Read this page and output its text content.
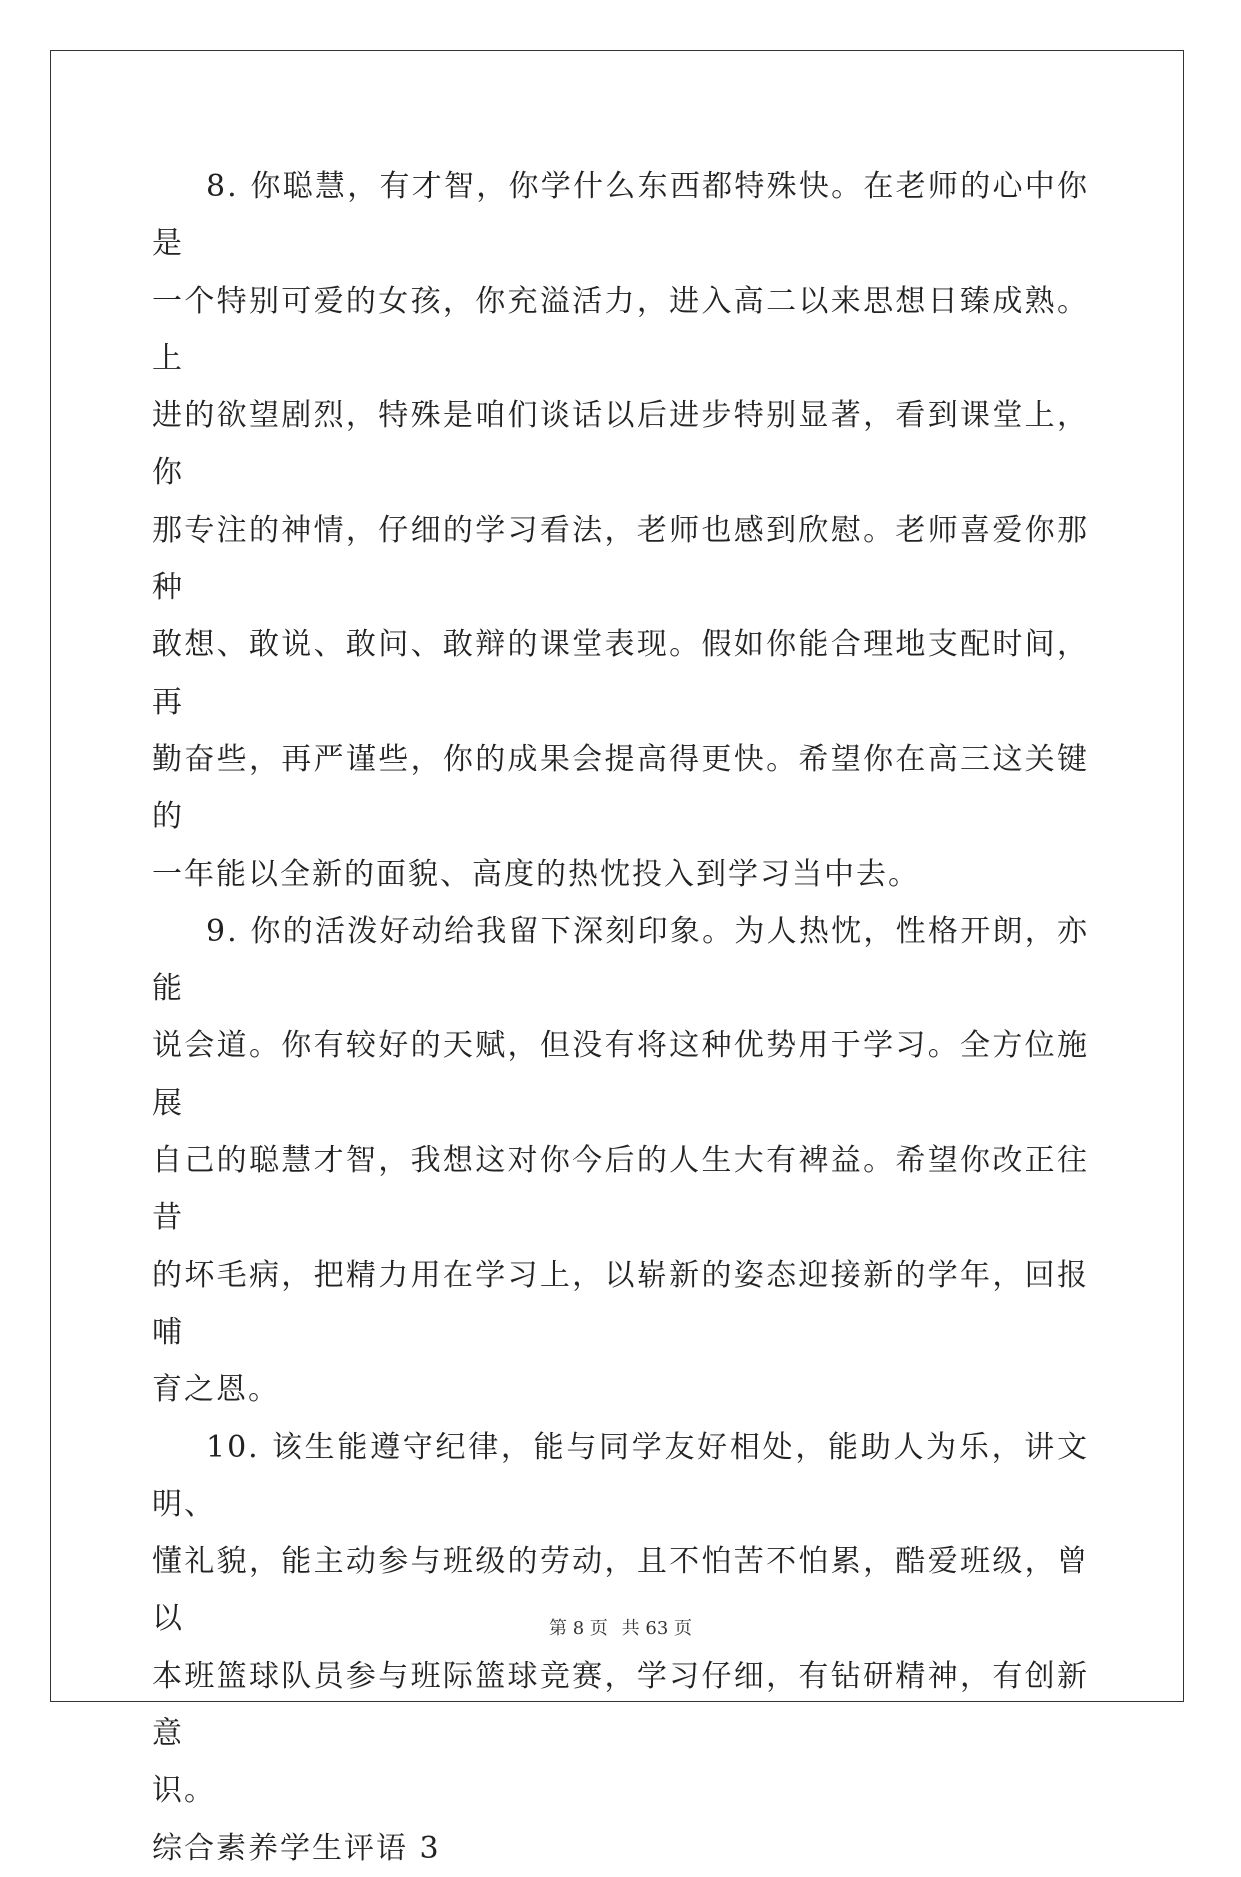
8. 你聪慧，有才智，你学什么东西都特殊快。在老师的心中你是
一个特别可爱的女孩，你充溢活力，进入高二以来思想日臻成熟。上
进的欲望剧烈，特殊是咱们谈话以后进步特别显著，看到课堂上，你
那专注的神情，仔细的学习看法，老师也感到欣慰。老师喜爱你那种
敢想、敢说、敢问、敢辩的课堂表现。假如你能合理地支配时间，再
勤奋些，再严谨些，你的成果会提高得更快。希望你在高三这关键的
一年能以全新的面貌、高度的热忱投入到学习当中去。
9. 你的活泼好动给我留下深刻印象。为人热忱，性格开朗，亦能
说会道。你有较好的天赋，但没有将这种优势用于学习。全方位施展
自己的聪慧才智，我想这对你今后的人生大有裨益。希望你改正往昔
的坏毛病，把精力用在学习上，以崭新的姿态迎接新的学年，回报哺
育之恩。
10. 该生能遵守纪律，能与同学友好相处，能助人为乐，讲文明、
懂礼貌，能主动参与班级的劳动，且不怕苦不怕累，酷爱班级，曾以
本班篮球队员参与班际篮球竞赛，学习仔细，有钻研精神，有创新意
识。
综合素养学生评语 3
第 8 页 共 63 页
